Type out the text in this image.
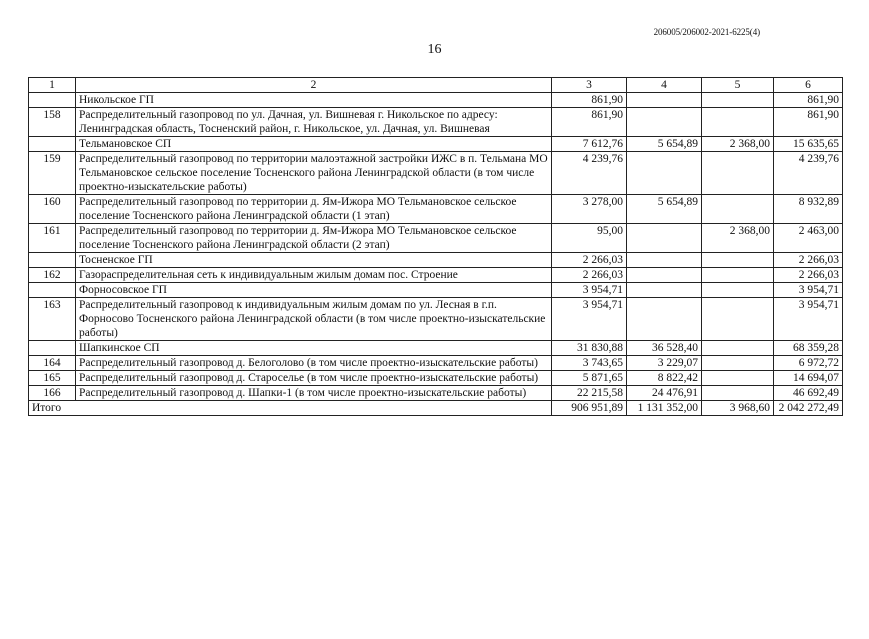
206005/206002-2021-6225(4)
16
1	2	3	4	5	6
	Никольское ГП	861,90			861,90
158	Распределительный газопровод по ул. Дачная, ул. Вишневая г. Никольское по адресу: Ленинградская область, Тосненский район, г. Никольское, ул. Дачная, ул. Вишневая	861,90			861,90
	Тельмановское СП	7 612,76	5 654,89	2 368,00	15 635,65
159	Распределительный газопровод по территории малоэтажной застройки ИЖС в п. Тельмана МО Тельмановское сельское поселение Тосненского района Ленинградской области (в том числе проектно-изыскательские работы)	4 239,76			4 239,76
160	Распределительный газопровод по территории д. Ям-Ижора МО Тельмановское сельское поселение Тосненского района Ленинградской области (1 этап)	3 278,00	5 654,89		8 932,89
161	Распределительный газопровод по территории д. Ям-Ижора МО Тельмановское сельское поселение Тосненского района Ленинградской области (2 этап)	95,00		2 368,00	2 463,00
	Тосненское ГП	2 266,03			2 266,03
162	Газораспределительная сеть к индивидуальным жилым домам пос. Строение	2 266,03			2 266,03
	Форносовское ГП	3 954,71			3 954,71
163	Распределительный газопровод к индивидуальным жилым домам по ул. Лесная в г.п. Форносово Тосненского района Ленинградской области (в том числе проектно-изыскательские работы)	3 954,71			3 954,71
	Шапкинское СП	31 830,88	36 528,40		68 359,28
164	Распределительный газопровод д. Белоголово (в том числе проектно-изыскательские работы)	3 743,65	3 229,07		6 972,72
165	Распределительный газопровод д. Староселье (в том числе проектно-изыскательские работы)	5 871,65	8 822,42		14 694,07
166	Распределительный газопровод д. Шапки-1 (в том числе проектно-изыскательские работы)	22 215,58	24 476,91		46 692,49
Итого		906 951,89	1 131 352,00	3 968,60	2 042 272,49
